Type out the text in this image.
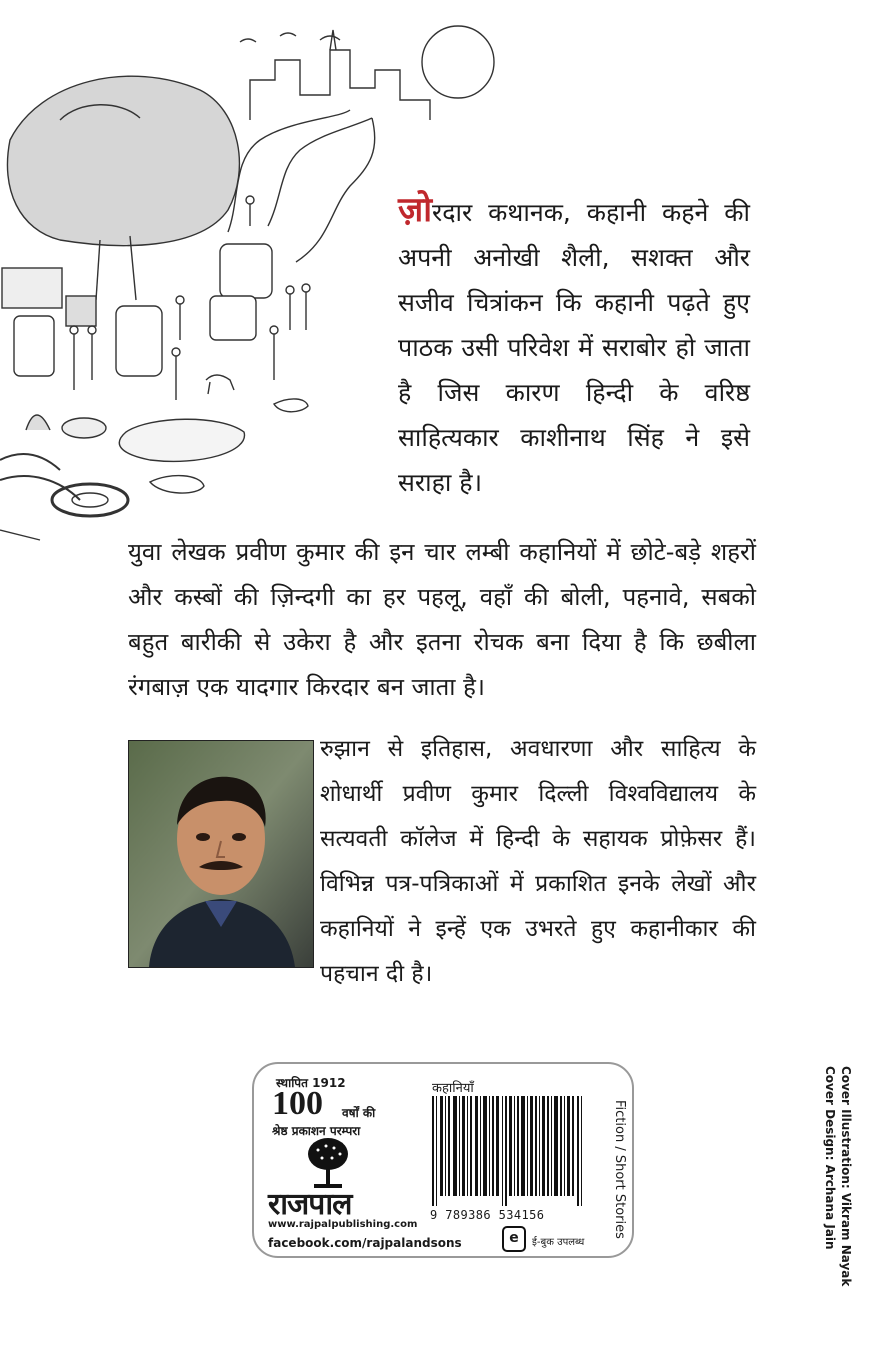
ज़ोरदार कथानक, कहानी कहने की अपनी अनोखी शैली, सशक्त और सजीव चित्रांकन कि कहानी पढ़ते हुए पाठक उसी परिवेश में सराबोर हो जाता है जिस कारण हिन्दी के वरिष्ठ साहित्यकार काशीनाथ सिंह ने इसे सराहा है।
युवा लेखक प्रवीण कुमार की इन चार लम्बी कहानियों में छोटे-बड़े शहरों और कस्बों की ज़िन्दगी का हर पहलू, वहाँ की बोली, पहनावे, सबको बहुत बारीकी से उकेरा है और इतना रोचक बना दिया है कि छबीला रंगबाज़ एक यादगार किरदार बन जाता है।
रुझान से इतिहास, अवधारणा और साहित्य के शोधार्थी प्रवीण कुमार दिल्ली विश्वविद्यालय के सत्यवती कॉलेज में हिन्दी के सहायक प्रोफ़ेसर हैं। विभिन्न पत्र-पत्रिकाओं में प्रकाशित इनके लेखों और कहानियों ने इन्हें एक उभरते हुए कहानीकार की पहचान दी है।
स्थापित 1912
100 वर्षों की
श्रेष्ठ प्रकाशन परम्परा
राजपाल
www.rajpalpublishing.com
facebook.com/rajpalandsons
कहानियाँ
9 789386 534156
e	ई-बुक उपलब्ध
Fiction / Short Stories	Cover Illustration: Vikram Nayak
Cover Design: Archana Jain
